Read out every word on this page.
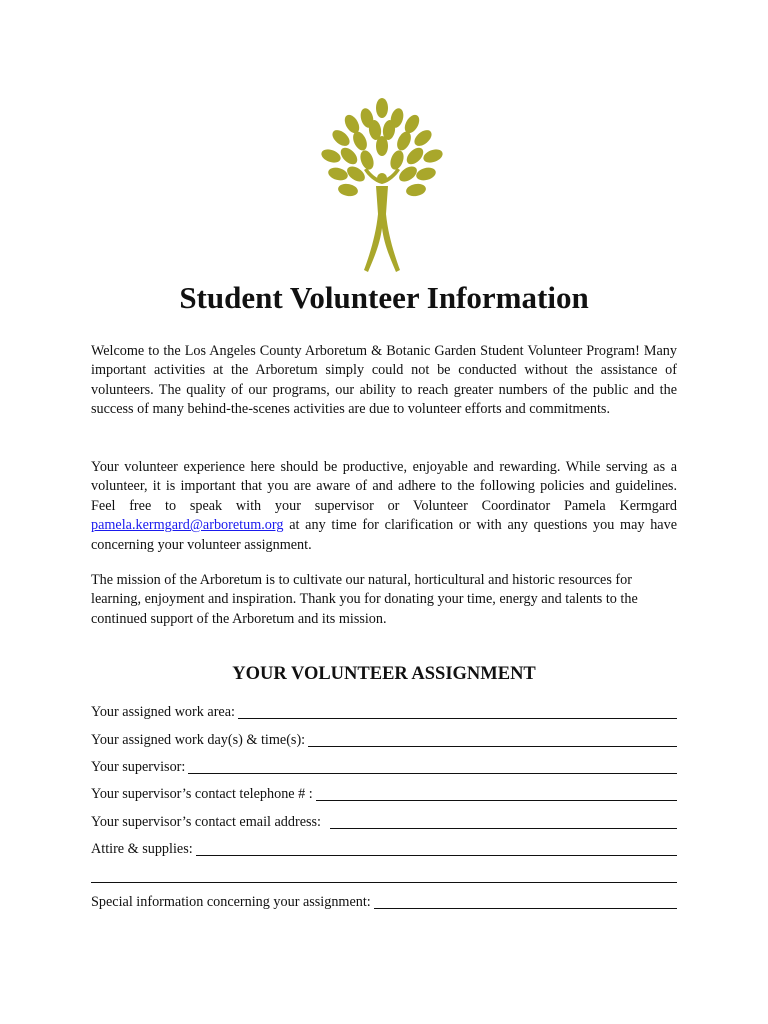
Student Volunteer Information

Welcome to the Los Angeles County Arboretum & Botanic Garden Student Volunteer Program! Many important activities at the Arboretum simply could not be conducted without the assistance of volunteers. The quality of our programs, our ability to reach greater numbers of the public and the success of many behind-the-scenes activities are due to volunteer efforts and commitments.

Your volunteer experience here should be productive, enjoyable and rewarding. While serving as a volunteer, it is important that you are aware of and adhere to the following policies and guidelines. Feel free to speak with your supervisor or Volunteer Coordinator Pamela Kermgard pamela.kermgard@arboretum.org at any time for clarification or with any questions you may have concerning your volunteer assignment.

The mission of the Arboretum is to cultivate our natural, horticultural and historic resources for learning, enjoyment and inspiration. Thank you for donating your time, energy and talents to the continued support of the Arboretum and its mission.

YOUR VOLUNTEER ASSIGNMENT
Your assigned work area:
Your assigned work day(s) & time(s):
Your supervisor:
Your supervisor’s contact telephone # :
Your supervisor’s contact email address:
Attire & supplies:
Special information concerning your assignment:
